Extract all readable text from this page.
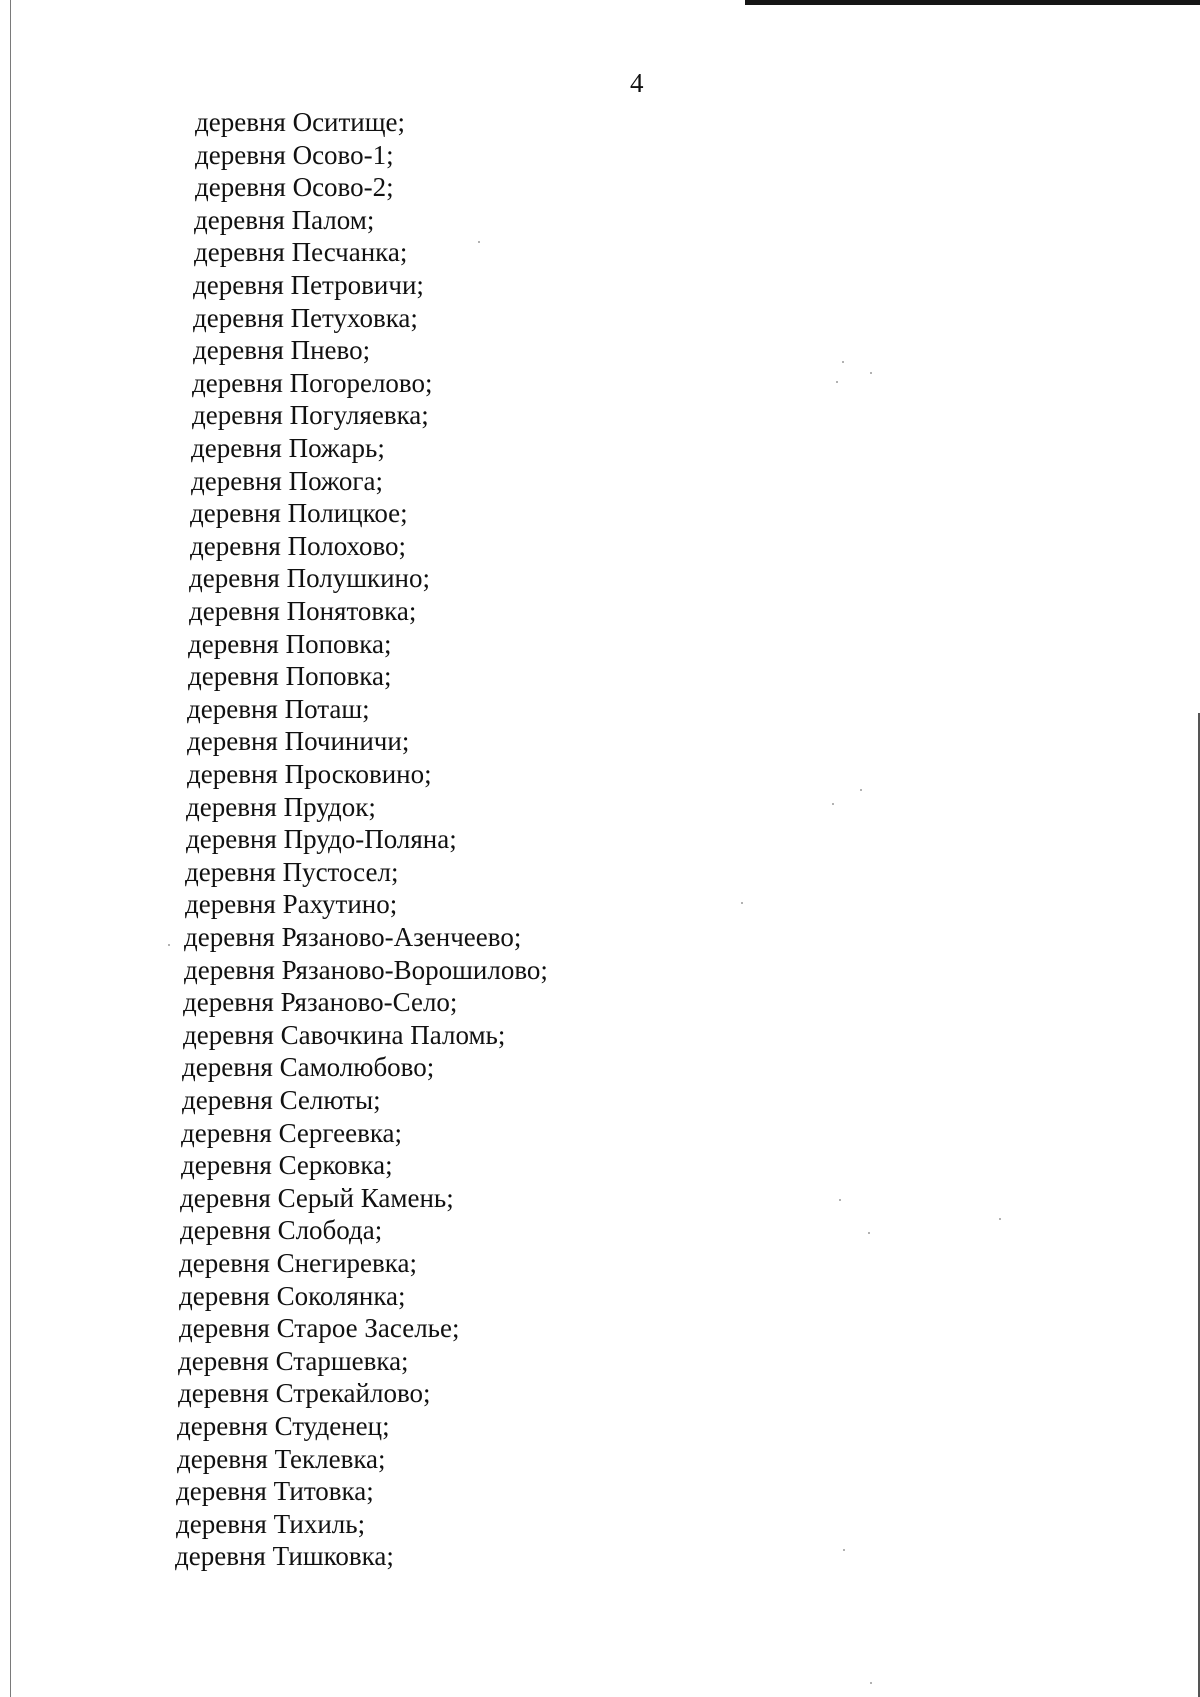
4
деревня Оситище;
деревня Осово-1;
деревня Осово-2;
деревня Палом;
деревня Песчанка;
деревня Петровичи;
деревня Петуховка;
деревня Пнево;
деревня Погорелово;
деревня Погуляевка;
деревня Пожарь;
деревня Пожога;
деревня Полицкое;
деревня Полохово;
деревня Полушкино;
деревня Понятовка;
деревня Поповка;
деревня Поповка;
деревня Поташ;
деревня Починичи;
деревня Просковино;
деревня Прудок;
деревня Прудо-Поляна;
деревня Пустосел;
деревня Рахутино;
деревня Рязаново-Азенчеево;
деревня Рязаново-Ворошилово;
деревня Рязаново-Село;
деревня Савочкина Паломь;
деревня Самолюбово;
деревня Селюты;
деревня Сергеевка;
деревня Серковка;
деревня Серый Камень;
деревня Слобода;
деревня Снегиревка;
деревня Соколянка;
деревня Старое Заселье;
деревня Старшевка;
деревня Стрекайлово;
деревня Студенец;
деревня Теклевка;
деревня Титовка;
деревня Тихиль;
деревня Тишковка;
